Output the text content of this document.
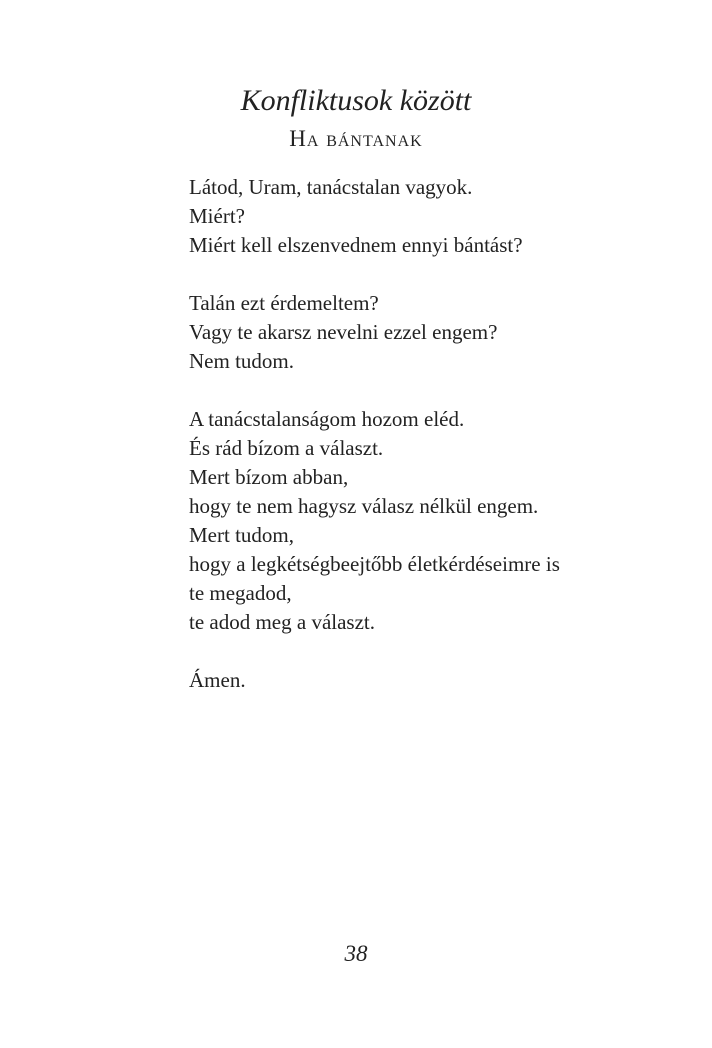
Konfliktusok között
Ha bántanak
Látod, Uram, tanácstalan vagyok.
Miért?
Miért kell elszenvednem ennyi bántást?
Talán ezt érdemeltem?
Vagy te akarsz nevelni ezzel engem?
Nem tudom.
A tanácstalanságom hozom eléd.
És rád bízom a választ.
Mert bízom abban,
hogy te nem hagysz válasz nélkül engem.
Mert tudom,
hogy a legkétségbeejtőbb életkérdéseimre is
te megadod,
te adod meg a választ.
Ámen.
38
